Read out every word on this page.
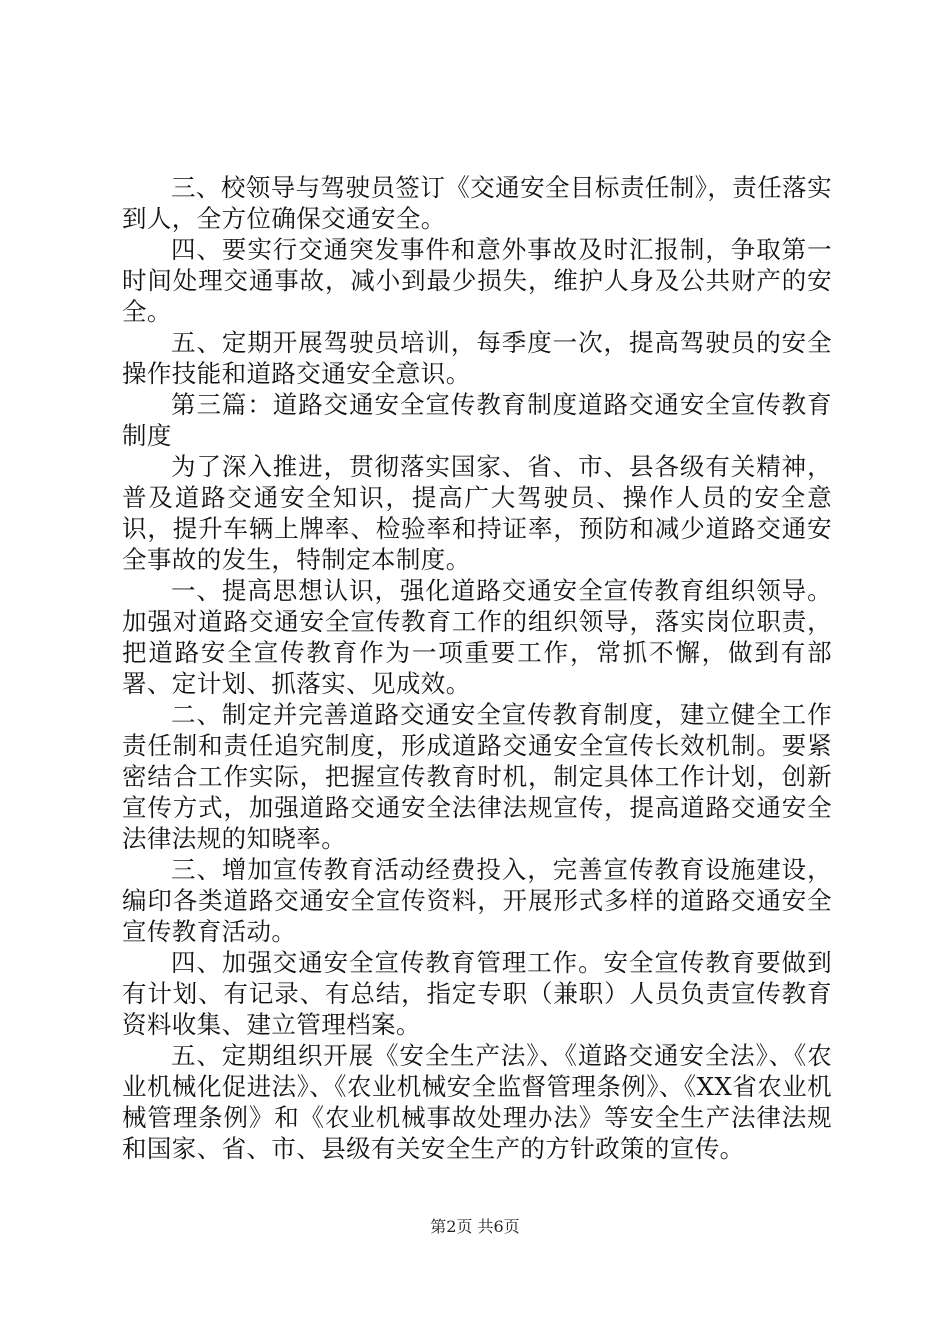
三、校领导与驾驶员签订《交通安全目标责任制》，责任落实到人，全方位确保交通安全。

四、要实行交通突发事件和意外事故及时汇报制，争取第一时间处理交通事故，减小到最少损失，维护人身及公共财产的安全。

五、定期开展驾驶员培训，每季度一次，提高驾驶员的安全操作技能和道路交通安全意识。

第三篇：道路交通安全宣传教育制度道路交通安全宣传教育制度

为了深入推进，贯彻落实国家、省、市、县各级有关精神，普及道路交通安全知识，提高广大驾驶员、操作人员的安全意识，提升车辆上牌率、检验率和持证率，预防和减少道路交通安全事故的发生，特制定本制度。

一、提高思想认识，强化道路交通安全宣传教育组织领导。加强对道路交通安全宣传教育工作的组织领导，落实岗位职责，把道路安全宣传教育作为一项重要工作，常抓不懈，做到有部署、定计划、抓落实、见成效。

二、制定并完善道路交通安全宣传教育制度，建立健全工作责任制和责任追究制度，形成道路交通安全宣传长效机制。要紧密结合工作实际，把握宣传教育时机，制定具体工作计划，创新宣传方式，加强道路交通安全法律法规宣传，提高道路交通安全法律法规的知晓率。

三、增加宣传教育活动经费投入，完善宣传教育设施建设，编印各类道路交通安全宣传资料，开展形式多样的道路交通安全宣传教育活动。

四、加强交通安全宣传教育管理工作。安全宣传教育要做到有计划、有记录、有总结，指定专职（兼职）人员负责宣传教育资料收集、建立管理档案。

五、定期组织开展《安全生产法》、《道路交通安全法》、《农业机械化促进法》、《农业机械安全监督管理条例》、《XX省农业机械管理条例》和《农业机械事故处理办法》等安全生产法律法规和国家、省、市、县级有关安全生产的方针政策的宣传。

第2页 共6页
